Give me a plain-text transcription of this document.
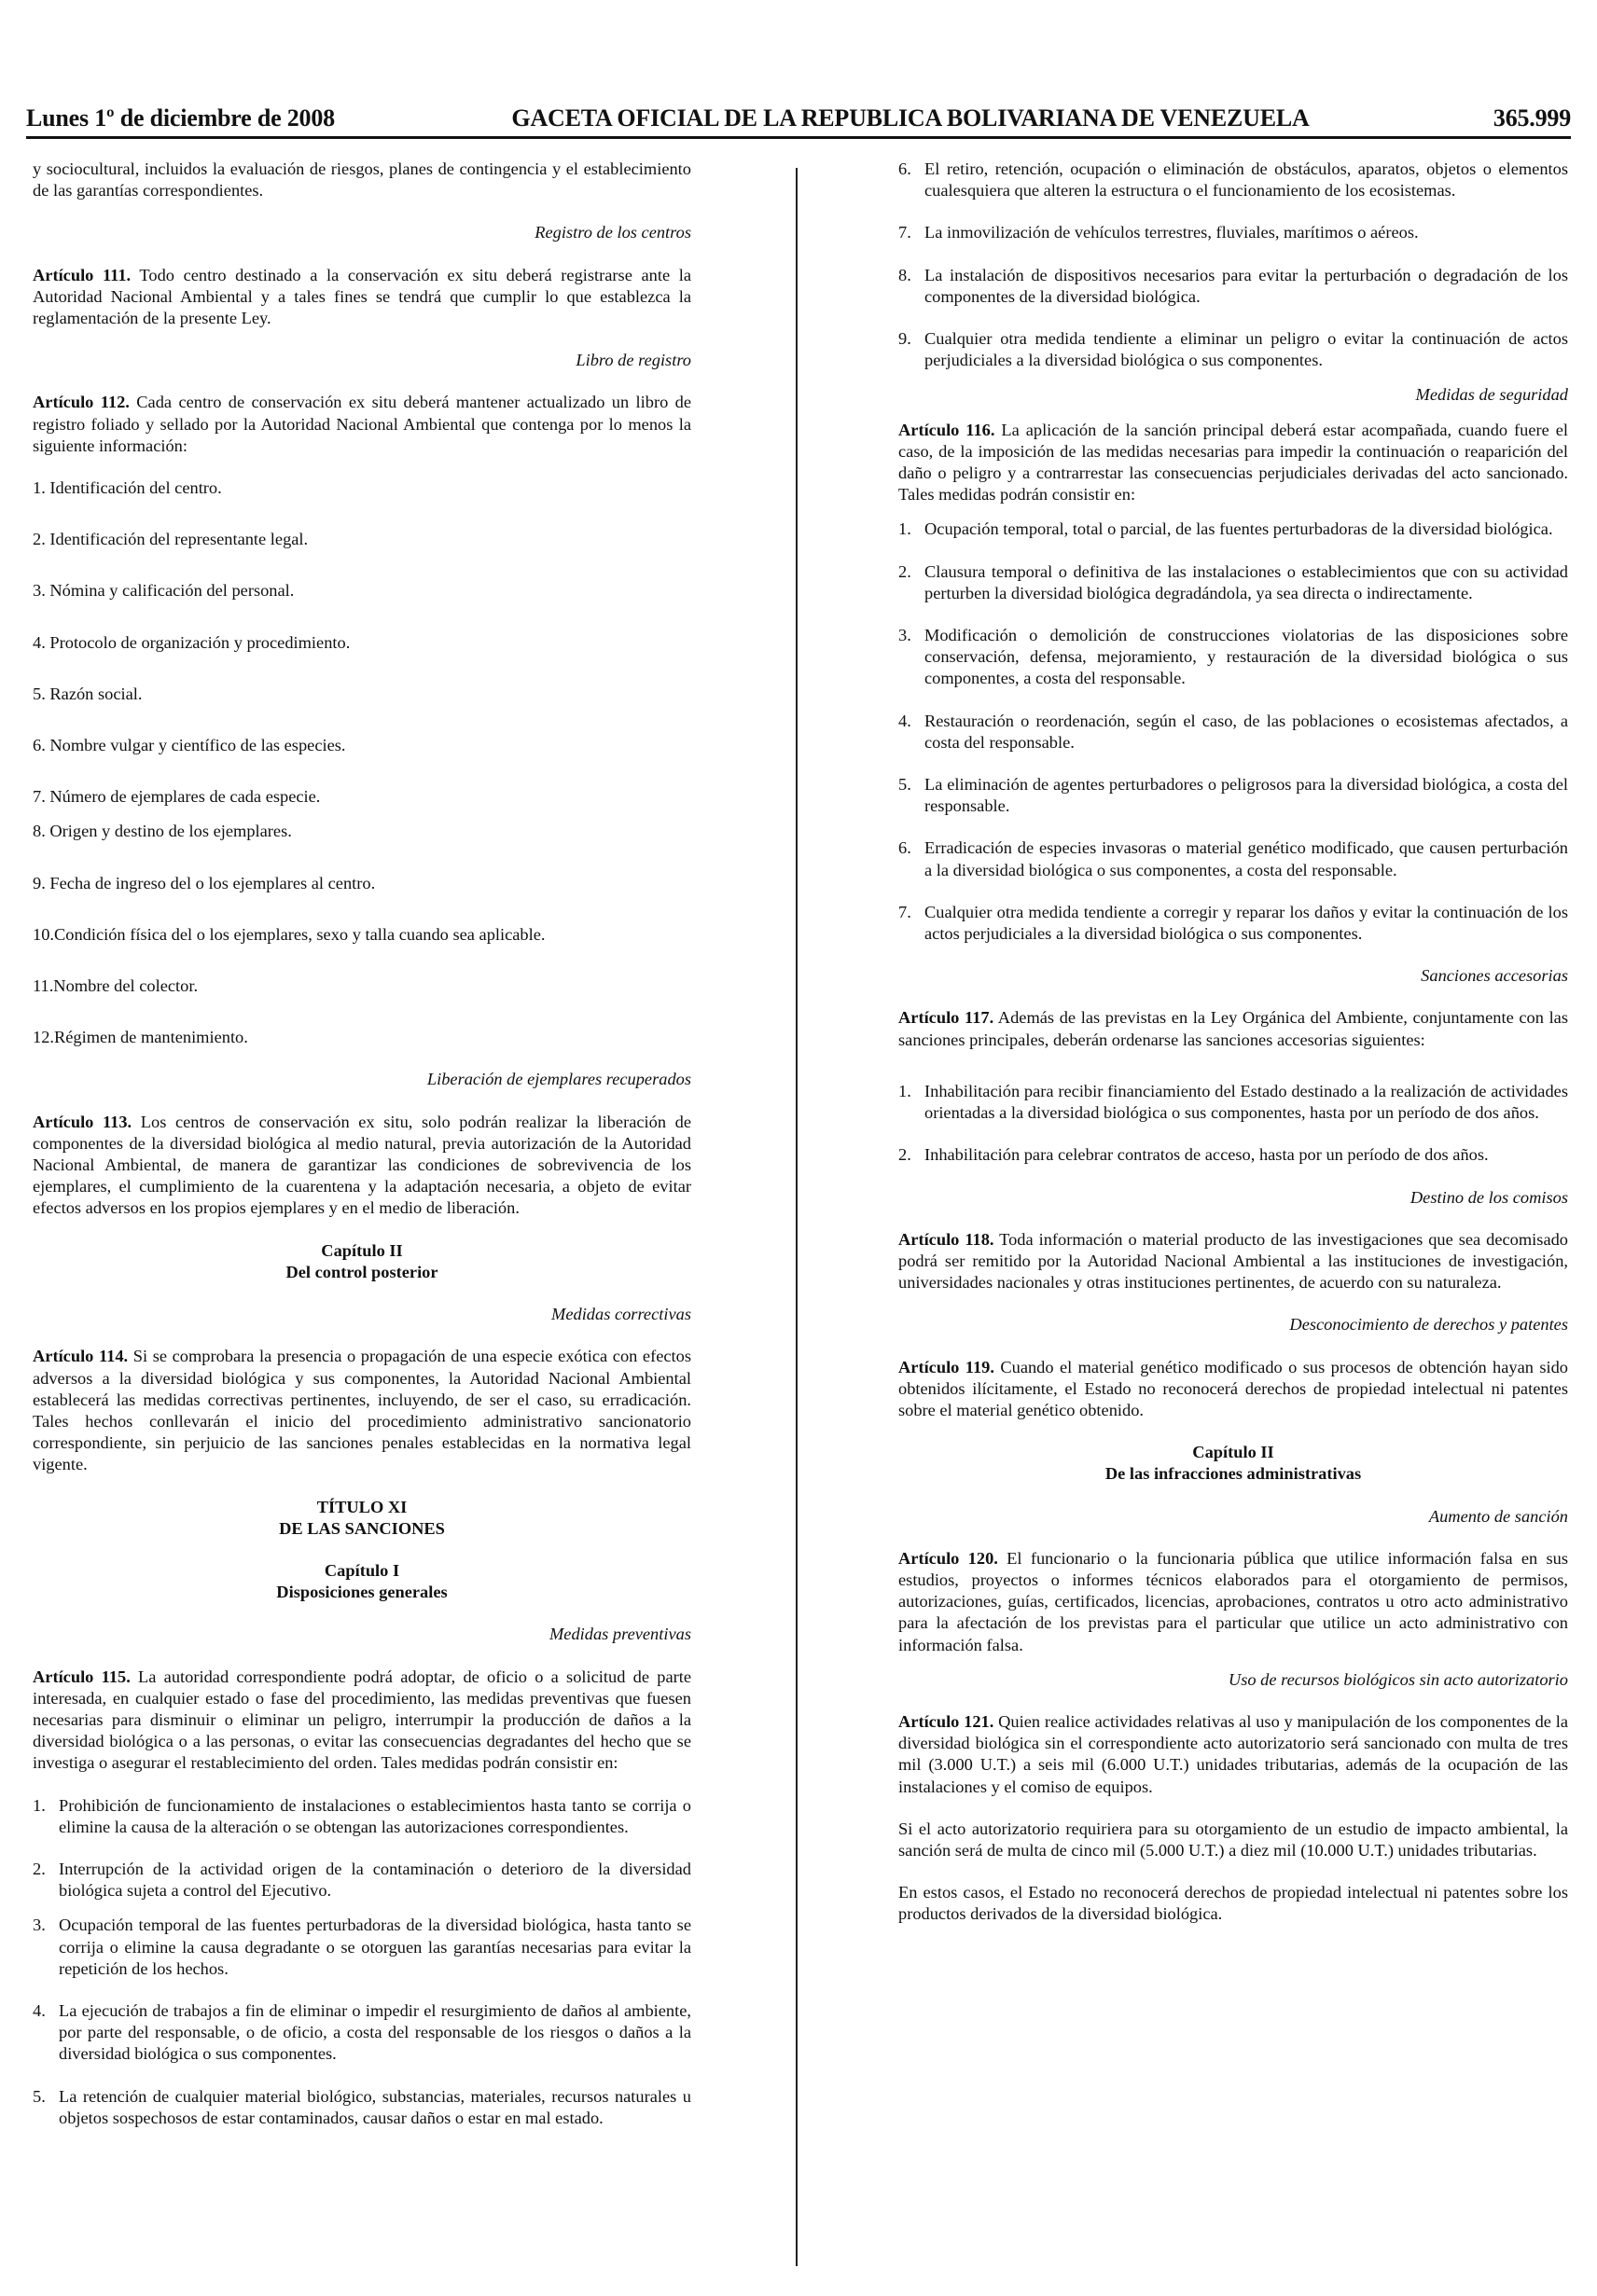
Lunes 1º de diciembre de 2008	GACETA OFICIAL DE LA REPUBLICA BOLIVARIANA DE VENEZUELA	365.999

y sociocultural, incluidos la evaluación de riesgos, planes de contingencia y el establecimiento de las garantías correspondientes.

Registro de los centros

Artículo 111. Todo centro destinado a la conservación ex situ deberá registrarse ante la Autoridad Nacional Ambiental y a tales fines se tendrá que cumplir lo que establezca la reglamentación de la presente Ley.

Libro de registro

Artículo 112. Cada centro de conservación ex situ deberá mantener actualizado un libro de registro foliado y sellado por la Autoridad Nacional Ambiental que contenga por lo menos la siguiente información:

1. Identificación del centro.

2. Identificación del representante legal.

3. Nómina y calificación del personal.

4. Protocolo de organización y procedimiento.

5. Razón social.

6. Nombre vulgar y científico de las especies.

7. Número de ejemplares de cada especie.

8. Origen y destino de los ejemplares.

9. Fecha de ingreso del o los ejemplares al centro.

10.Condición física del o los ejemplares, sexo y talla cuando sea aplicable.

11.Nombre del colector.

12.Régimen de mantenimiento.

Liberación de ejemplares recuperados

Artículo 113. Los centros de conservación ex situ, solo podrán realizar la liberación de componentes de la diversidad biológica al medio natural, previa autorización de la Autoridad Nacional Ambiental, de manera de garantizar las condiciones de sobrevivencia de los ejemplares, el cumplimiento de la cuarentena y la adaptación necesaria, a objeto de evitar efectos adversos en los propios ejemplares y en el medio de liberación.

Capítulo II

Del control posterior

Medidas correctivas

Artículo 114. Si se comprobara la presencia o propagación de una especie exótica con efectos adversos a la diversidad biológica y sus componentes, la Autoridad Nacional Ambiental establecerá las medidas correctivas pertinentes, incluyendo, de ser el caso, su erradicación. Tales hechos conllevarán el inicio del procedimiento administrativo sancionatorio correspondiente, sin perjuicio de las sanciones penales establecidas en la normativa legal vigente.

TÍTULO XI

DE LAS SANCIONES

Capítulo I

Disposiciones generales

Medidas preventivas

Artículo 115. La autoridad correspondiente podrá adoptar, de oficio o a solicitud de parte interesada, en cualquier estado o fase del procedimiento, las medidas preventivas que fuesen necesarias para disminuir o eliminar un peligro, interrumpir la producción de daños a la diversidad biológica o a las personas, o evitar las consecuencias degradantes del hecho que se investiga o asegurar el restablecimiento del orden. Tales medidas podrán consistir en:

1. Prohibición de funcionamiento de instalaciones o establecimientos hasta tanto se corrija o elimine la causa de la alteración o se obtengan las autorizaciones correspondientes.
2. Interrupción de la actividad origen de la contaminación o deterioro de la diversidad biológica sujeta a control del Ejecutivo.
3. Ocupación temporal de las fuentes perturbadoras de la diversidad biológica, hasta tanto se corrija o elimine la causa degradante o se otorguen las garantías necesarias para evitar la repetición de los hechos.
4. La ejecución de trabajos a fin de eliminar o impedir el resurgimiento de daños al ambiente, por parte del responsable, o de oficio, a costa del responsable de los riesgos o daños a la diversidad biológica o sus componentes.
5. La retención de cualquier material biológico, substancias, materiales, recursos naturales u objetos sospechosos de estar contaminados, causar daños o estar en mal estado.
6. El retiro, retención, ocupación o eliminación de obstáculos, aparatos, objetos o elementos cualesquiera que alteren la estructura o el funcionamiento de los ecosistemas.
7. La inmovilización de vehículos terrestres, fluviales, marítimos o aéreos.
8. La instalación de dispositivos necesarios para evitar la perturbación o degradación de los componentes de la diversidad biológica.
9. Cualquier otra medida tendiente a eliminar un peligro o evitar la continuación de actos perjudiciales a la diversidad biológica o sus componentes.

Medidas de seguridad

Artículo 116. La aplicación de la sanción principal deberá estar acompañada, cuando fuere el caso, de la imposición de las medidas necesarias para impedir la continuación o reaparición del daño o peligro y a contrarrestar las consecuencias perjudiciales derivadas del acto sancionado. Tales medidas podrán consistir en:

1. Ocupación temporal, total o parcial, de las fuentes perturbadoras de la diversidad biológica.
2. Clausura temporal o definitiva de las instalaciones o establecimientos que con su actividad perturben la diversidad biológica degradándola, ya sea directa o indirectamente.
3. Modificación o demolición de construcciones violatorias de las disposiciones sobre conservación, defensa, mejoramiento, y restauración de la diversidad biológica o sus componentes, a costa del responsable.
4. Restauración o reordenación, según el caso, de las poblaciones o ecosistemas afectados, a costa del responsable.
5. La eliminación de agentes perturbadores o peligrosos para la diversidad biológica, a costa del responsable.
6. Erradicación de especies invasoras o material genético modificado, que causen perturbación a la diversidad biológica o sus componentes, a costa del responsable.
7. Cualquier otra medida tendiente a corregir y reparar los daños y evitar la continuación de los actos perjudiciales a la diversidad biológica o sus componentes.

Sanciones accesorias

Artículo 117. Además de las previstas en la Ley Orgánica del Ambiente, conjuntamente con las sanciones principales, deberán ordenarse las sanciones accesorias siguientes:

1. Inhabilitación para recibir financiamiento del Estado destinado a la realización de actividades orientadas a la diversidad biológica o sus componentes, hasta por un período de dos años.
2. Inhabilitación para celebrar contratos de acceso, hasta por un período de dos años.

Destino de los comisos

Artículo 118. Toda información o material producto de las investigaciones que sea decomisado podrá ser remitido por la Autoridad Nacional Ambiental a las instituciones de investigación, universidades nacionales y otras instituciones pertinentes, de acuerdo con su naturaleza.

Desconocimiento de derechos y patentes

Artículo 119. Cuando el material genético modificado o sus procesos de obtención hayan sido obtenidos ilícitamente, el Estado no reconocerá derechos de propiedad intelectual ni patentes sobre el material genético obtenido.

Capítulo II

De las infracciones administrativas

Aumento de sanción

Artículo 120. El funcionario o la funcionaria pública que utilice información falsa en sus estudios, proyectos o informes técnicos elaborados para el otorgamiento de permisos, autorizaciones, guías, certificados, licencias, aprobaciones, contratos u otro acto administrativo para la afectación de los previstas para el particular que utilice un acto administrativo con información falsa.

Uso de recursos biológicos sin acto autorizatorio

Artículo 121. Quien realice actividades relativas al uso y manipulación de los componentes de la diversidad biológica sin el correspondiente acto autorizatorio será sancionado con multa de tres mil (3.000 U.T.) a seis mil (6.000 U.T.) unidades tributarias, además de la ocupación de las instalaciones y el comiso de equipos.

Si el acto autorizatorio requiriera para su otorgamiento de un estudio de impacto ambiental, la sanción será de multa de cinco mil (5.000 U.T.) a diez mil (10.000 U.T.) unidades tributarias.

En estos casos, el Estado no reconocerá derechos de propiedad intelectual ni patentes sobre los productos derivados de la diversidad biológica.
